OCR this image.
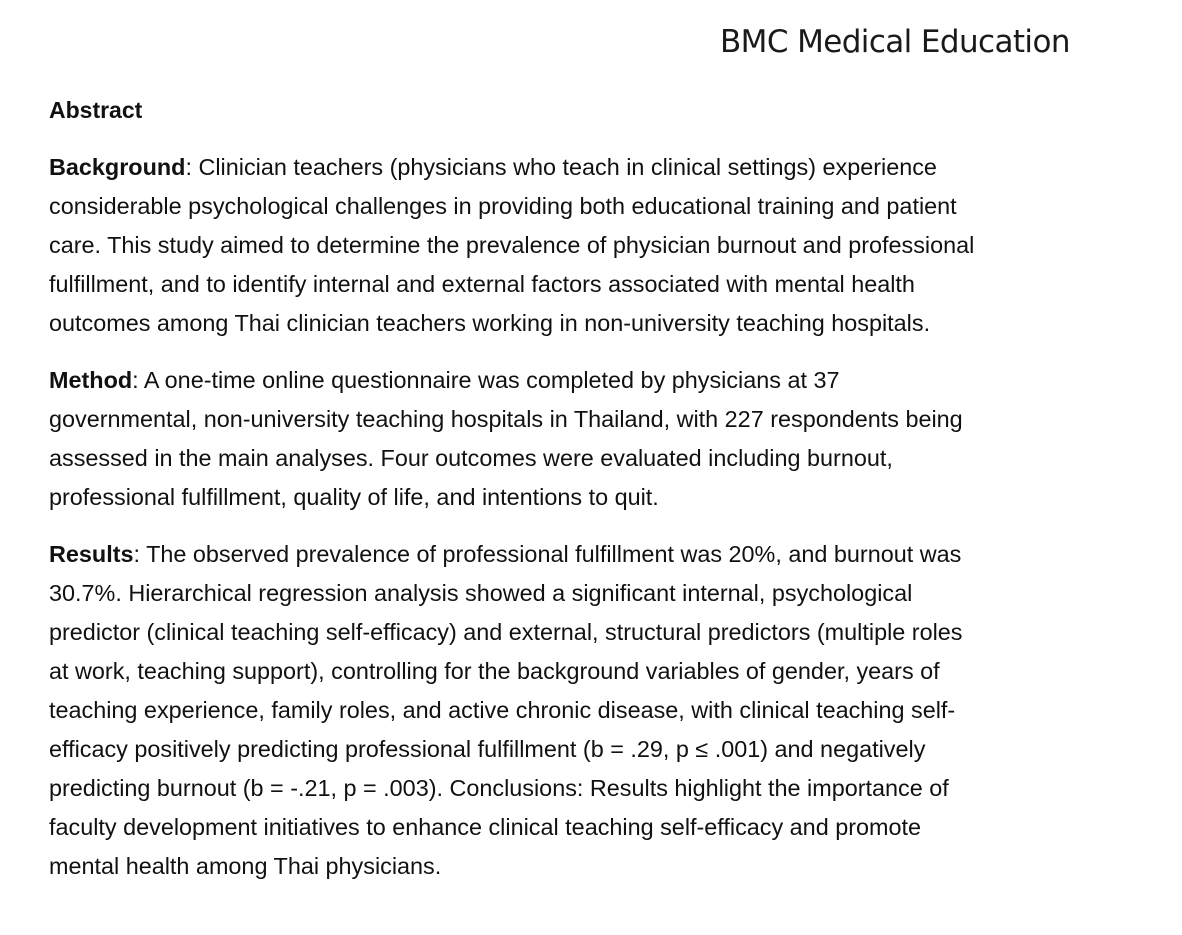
BMC Medical Education
Abstract

Background: Clinician teachers (physicians who teach in clinical settings) experience
considerable psychological challenges in providing both educational training and patient
care. This study aimed to determine the prevalence of physician burnout and professional
fulfillment, and to identify internal and external factors associated with mental health
outcomes among Thai clinician teachers working in non-university teaching hospitals.

Method: A one-time online questionnaire was completed by physicians at 37
governmental, non-university teaching hospitals in Thailand, with 227 respondents being
assessed in the main analyses. Four outcomes were evaluated including burnout,
professional fulfillment, quality of life, and intentions to quit.

Results: The observed prevalence of professional fulfillment was 20%, and burnout was
30.7%. Hierarchical regression analysis showed a significant internal, psychological
predictor (clinical teaching self-efficacy) and external, structural predictors (multiple roles
at work, teaching support), controlling for the background variables of gender, years of
teaching experience, family roles, and active chronic disease, with clinical teaching self-
efficacy positively predicting professional fulfillment (b = .29, p ≤ .001) and negatively
predicting burnout (b = -.21, p = .003). Conclusions: Results highlight the importance of
faculty development initiatives to enhance clinical teaching self-efficacy and promote
mental health among Thai physicians.
